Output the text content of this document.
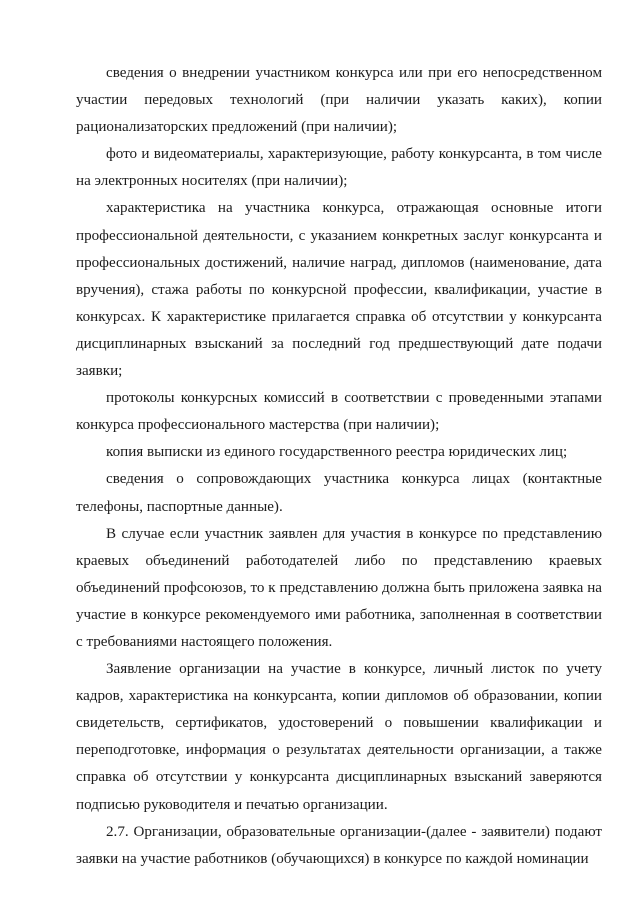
сведения о внедрении участником конкурса или при его непосредственном участии передовых технологий (при наличии указать каких), копии рационализаторских предложений (при наличии);

фото и видеоматериалы, характеризующие, работу конкурсанта, в том числе на электронных носителях (при наличии);

характеристика на участника конкурса, отражающая основные итоги профессиональной деятельности, с указанием конкретных заслуг конкурсанта и профессиональных достижений, наличие наград, дипломов (наименование, дата вручения), стажа работы по конкурсной профессии, квалификации, участие в конкурсах. К характеристике прилагается справка об отсутствии у конкурсанта дисциплинарных взысканий за последний год предшествующий дате подачи заявки;

протоколы конкурсных комиссий в соответствии с проведенными этапами конкурса профессионального мастерства (при наличии);

копия выписки из единого государственного реестра юридических лиц;

сведения о сопровождающих участника конкурса лицах (контактные телефоны, паспортные данные).

В случае если участник заявлен для участия в конкурсе по представлению краевых объединений работодателей либо по представлению краевых объединений профсоюзов, то к представлению должна быть приложена заявка на участие в конкурсе рекомендуемого ими работника, заполненная в соответствии с требованиями настоящего положения.

Заявление организации на участие в конкурсе, личный листок по учету кадров, характеристика на конкурсанта, копии дипломов об образовании, копии свидетельств, сертификатов, удостоверений о повышении квалификации и переподготовке, информация о результатах деятельности организации, а также справка об отсутствии у конкурсанта дисциплинарных взысканий заверяются подписью руководителя и печатью организации.

2.7. Организации, образовательные организации-(далее - заявители) подают заявки на участие работников (обучающихся) в конкурсе по каждой номинации
